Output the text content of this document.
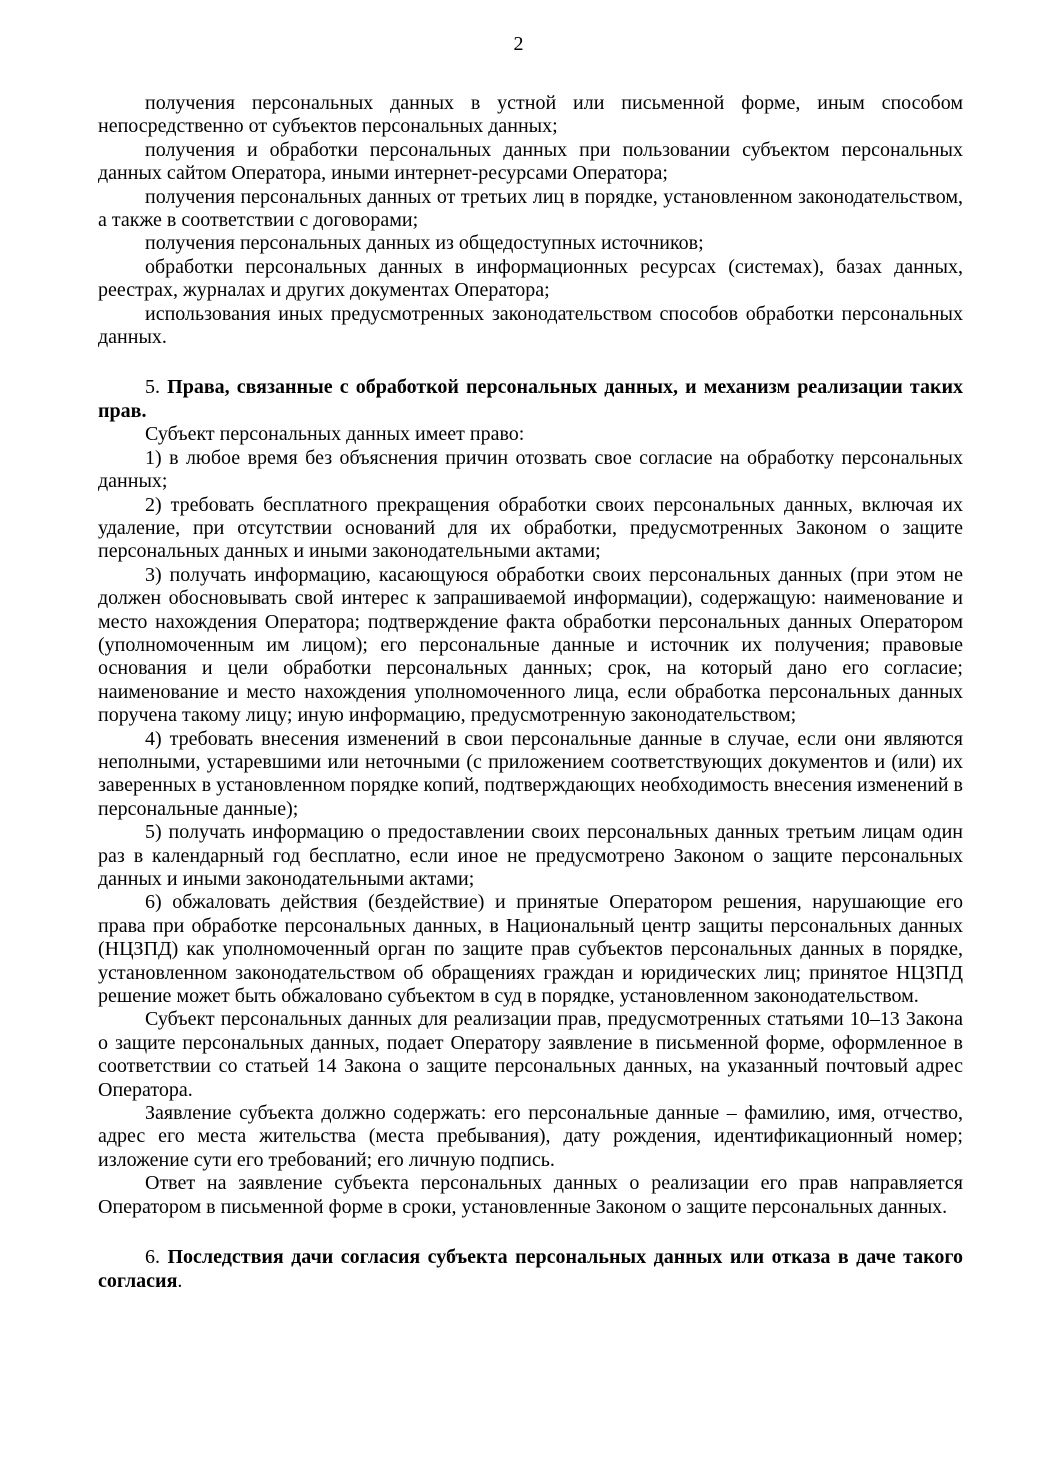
2

получения персональных данных в устной или письменной форме, иным способом непосредственно от субъектов персональных данных;

получения и обработки персональных данных при пользовании субъектом персональных данных сайтом Оператора, иными интернет-ресурсами Оператора;

получения персональных данных от третьих лиц в порядке, установленном законодательством, а также в соответствии с договорами;

получения персональных данных из общедоступных источников;

обработки персональных данных в информационных ресурсах (системах), базах данных, реестрах, журналах и других документах Оператора;

использования иных предусмотренных законодательством способов обработки персональных данных.

5. Права, связанные с обработкой персональных данных, и механизм реализации таких прав.

Субъект персональных данных имеет право:

1) в любое время без объяснения причин отозвать свое согласие на обработку персональных данных;

2) требовать бесплатного прекращения обработки своих персональных данных, включая их удаление, при отсутствии оснований для их обработки, предусмотренных Законом о защите персональных данных и иными законодательными актами;

3) получать информацию, касающуюся обработки своих персональных данных (при этом не должен обосновывать свой интерес к запрашиваемой информации), содержащую: наименование и место нахождения Оператора; подтверждение факта обработки персональных данных Оператором (уполномоченным им лицом); его персональные данные и источник их получения; правовые основания и цели обработки персональных данных; срок, на который дано его согласие; наименование и место нахождения уполномоченного лица, если обработка персональных данных поручена такому лицу; иную информацию, предусмотренную законодательством;

4) требовать внесения изменений в свои персональные данные в случае, если они являются неполными, устаревшими или неточными (с приложением соответствующих документов и (или) их заверенных в установленном порядке копий, подтверждающих необходимость внесения изменений в персональные данные);

5) получать информацию о предоставлении своих персональных данных третьим лицам один раз в календарный год бесплатно, если иное не предусмотрено Законом о защите персональных данных и иными законодательными актами;

6) обжаловать действия (бездействие) и принятые Оператором решения, нарушающие его права при обработке персональных данных, в Национальный центр защиты персональных данных (НЦЗПД) как уполномоченный орган по защите прав субъектов персональных данных в порядке, установленном законодательством об обращениях граждан и юридических лиц; принятое НЦЗПД решение может быть обжаловано субъектом в суд в порядке, установленном законодательством.

Субъект персональных данных для реализации прав, предусмотренных статьями 10–13 Закона о защите персональных данных, подает Оператору заявление в письменной форме, оформленное в соответствии со статьей 14 Закона о защите персональных данных, на указанный почтовый адрес Оператора.

Заявление субъекта должно содержать: его персональные данные – фамилию, имя, отчество, адрес его места жительства (места пребывания), дату рождения, идентификационный номер; изложение сути его требований; его личную подпись.

Ответ на заявление субъекта персональных данных о реализации его прав направляется Оператором в письменной форме в сроки, установленные Законом о защите персональных данных.

6. Последствия дачи согласия субъекта персональных данных или отказа в даче такого согласия.
